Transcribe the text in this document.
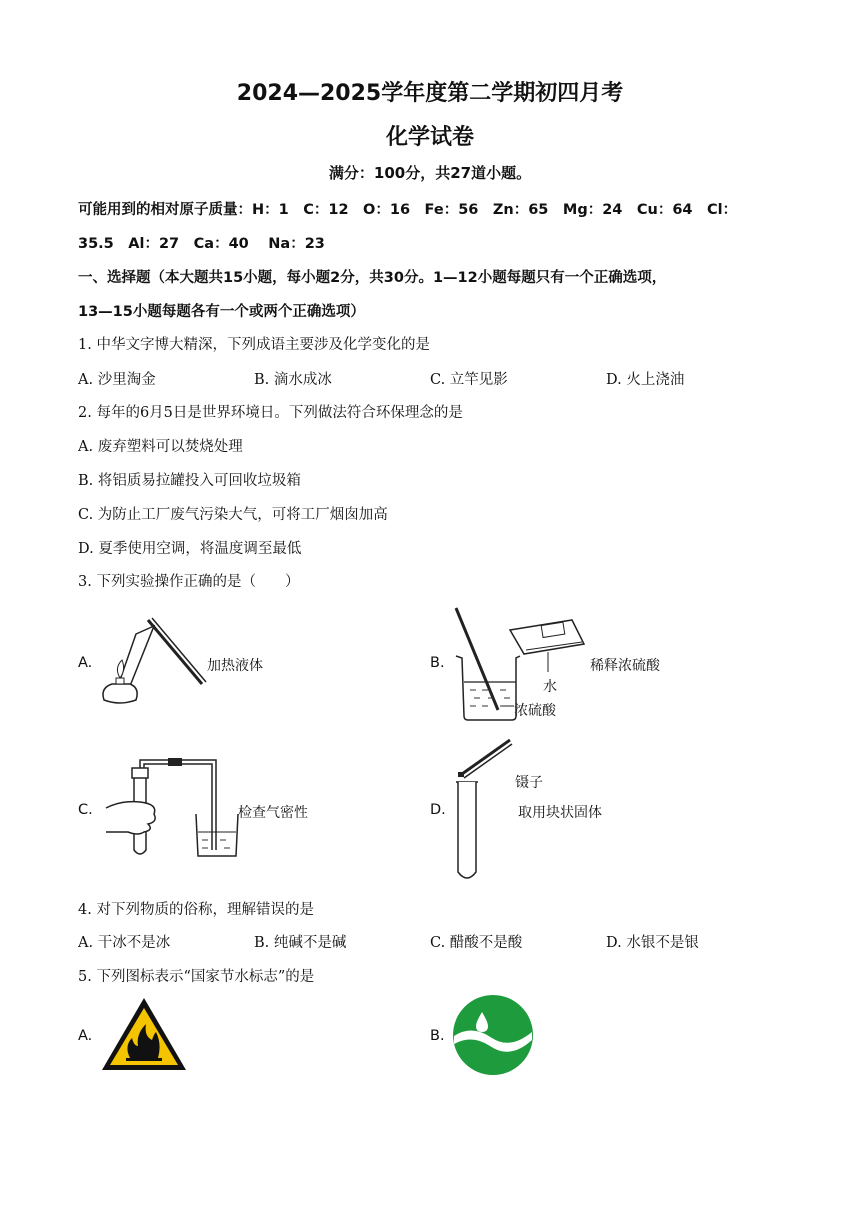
2024—2025学年度第二学期初四月考
化学试卷
满分：100分，共27道小题。
可能用到的相对原子质量：H：1　C：12　O：16　Fe：56　Zn：65　Mg：24　Cu：64　Cl：
35.5　Al：27　Ca：40　 Na：23
一、选择题（本大题共15小题，每小题2分，共30分。1—12小题每题只有一个正确选项，
13—15小题每题各有一个或两个正确选项）
1. 中华文字博大精深，下列成语主要涉及化学变化的是
A. 沙里淘金	B. 滴水成冰	C. 立竿见影	D. 火上浇油
2. 每年的6月5日是世界环境日。下列做法符合环保理念的是
A. 废弃塑料可以焚烧处理
B. 将铝质易拉罐投入可回收垃圾箱
C. 为防止工厂废气污染大气，可将工厂烟囱加高
D. 夏季使用空调，将温度调至最低
3. 下列实验操作正确的是（　　）
A.	加热液体	B.	稀释浓硫酸
水
浓硫酸
C.	检查气密性	D.
镊子
取用块状固体
4. 对下列物质的俗称，理解错误的是
A. 干冰不是冰	B. 纯碱不是碱	C. 醋酸不是酸	D. 水银不是银
5. 下列图标表示“国家节水标志”的是
A.	B.
